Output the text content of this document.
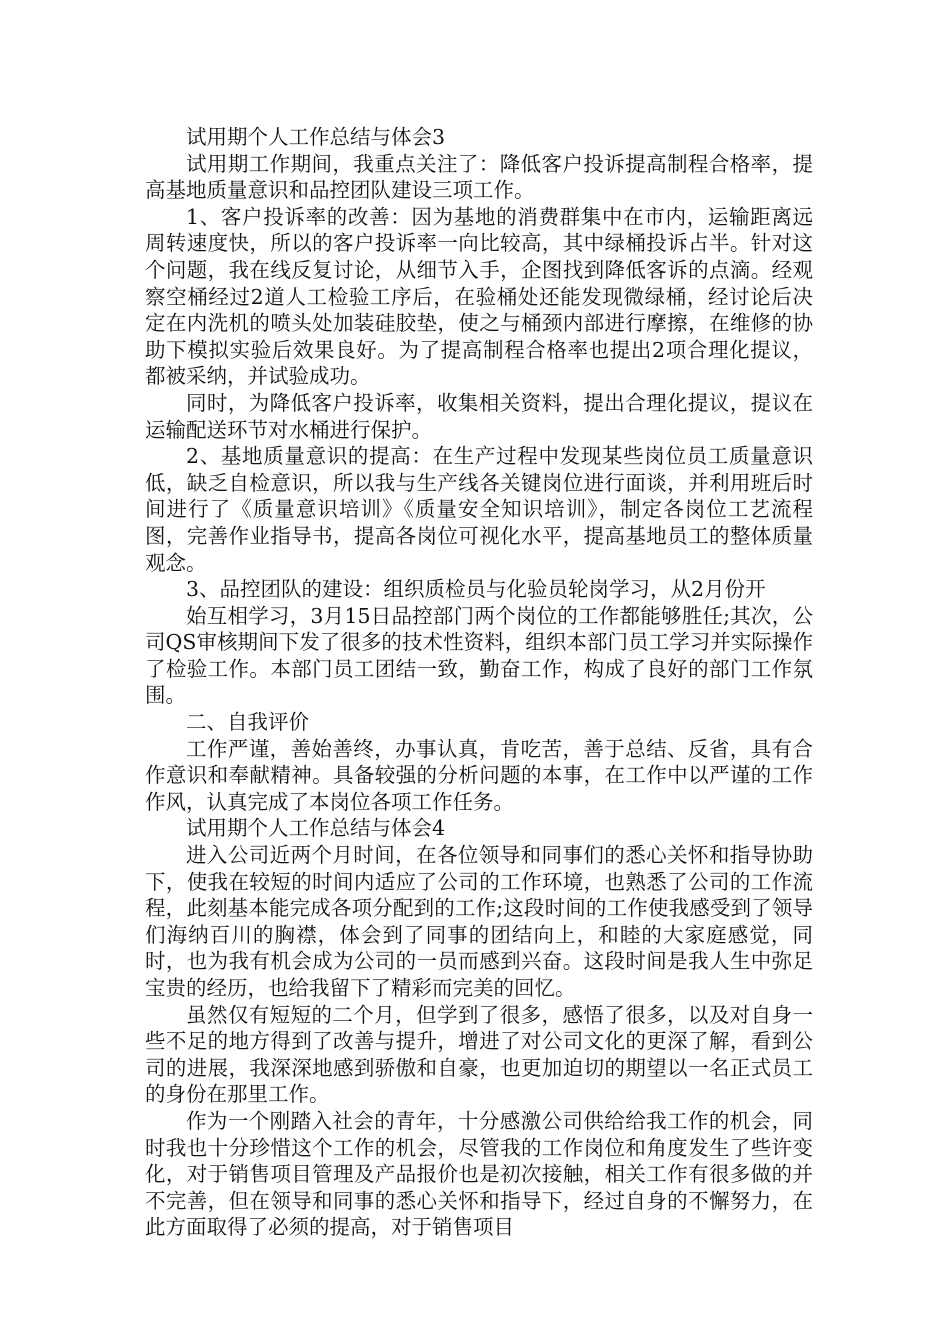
试用期个人工作总结与体会3

试用期工作期间，我重点关注了：降低客户投诉提高制程合格率，提高基地质量意识和品控团队建设三项工作。

1、客户投诉率的改善：因为基地的消费群集中在市内，运输距离远周转速度快，所以的客户投诉率一向比较高，其中绿桶投诉占半。针对这个问题，我在线反复讨论，从细节入手，企图找到降低客诉的点滴。经观察空桶经过2道人工检验工序后，在验桶处还能发现微绿桶，经讨论后决定在内洗机的喷头处加装硅胶垫，使之与桶颈内部进行摩擦，在维修的协助下模拟实验后效果良好。为了提高制程合格率也提出2项合理化提议，都被采纳，并试验成功。

同时，为降低客户投诉率，收集相关资料，提出合理化提议，提议在运输配送环节对水桶进行保护。

2、基地质量意识的提高：在生产过程中发现某些岗位员工质量意识低，缺乏自检意识，所以我与生产线各关键岗位进行面谈，并利用班后时间进行了《质量意识培训》《质量安全知识培训》，制定各岗位工艺流程图，完善作业指导书，提高各岗位可视化水平，提高基地员工的整体质量观念。

3、品控团队的建设：组织质检员与化验员轮岗学习，从2月份开

始互相学习，3月15日品控部门两个岗位的工作都能够胜任;其次，公司QS审核期间下发了很多的技术性资料，组织本部门员工学习并实际操作了检验工作。本部门员工团结一致，勤奋工作，构成了良好的部门工作氛围。

二、自我评价

工作严谨，善始善终，办事认真，肯吃苦，善于总结、反省，具有合作意识和奉献精神。具备较强的分析问题的本事，在工作中以严谨的工作作风，认真完成了本岗位各项工作任务。

试用期个人工作总结与体会4

进入公司近两个月时间，在各位领导和同事们的悉心关怀和指导协助下，使我在较短的时间内适应了公司的工作环境，也熟悉了公司的工作流程，此刻基本能完成各项分配到的工作;这段时间的工作使我感受到了领导们海纳百川的胸襟，体会到了同事的团结向上，和睦的大家庭感觉，同时，也为我有机会成为公司的一员而感到兴奋。这段时间是我人生中弥足宝贵的经历，也给我留下了精彩而完美的回忆。

虽然仅有短短的二个月，但学到了很多，感悟了很多，以及对自身一些不足的地方得到了改善与提升，增进了对公司文化的更深了解，看到公司的进展，我深深地感到骄傲和自豪，也更加迫切的期望以一名正式员工的身份在那里工作。

作为一个刚踏入社会的青年，十分感激公司供给给我工作的机会，同时我也十分珍惜这个工作的机会，尽管我的工作岗位和角度发生了些许变化，对于销售项目管理及产品报价也是初次接触，相关工作有很多做的并不完善，但在领导和同事的悉心关怀和指导下，经过自身的不懈努力，在此方面取得了必须的提高，对于销售项目
